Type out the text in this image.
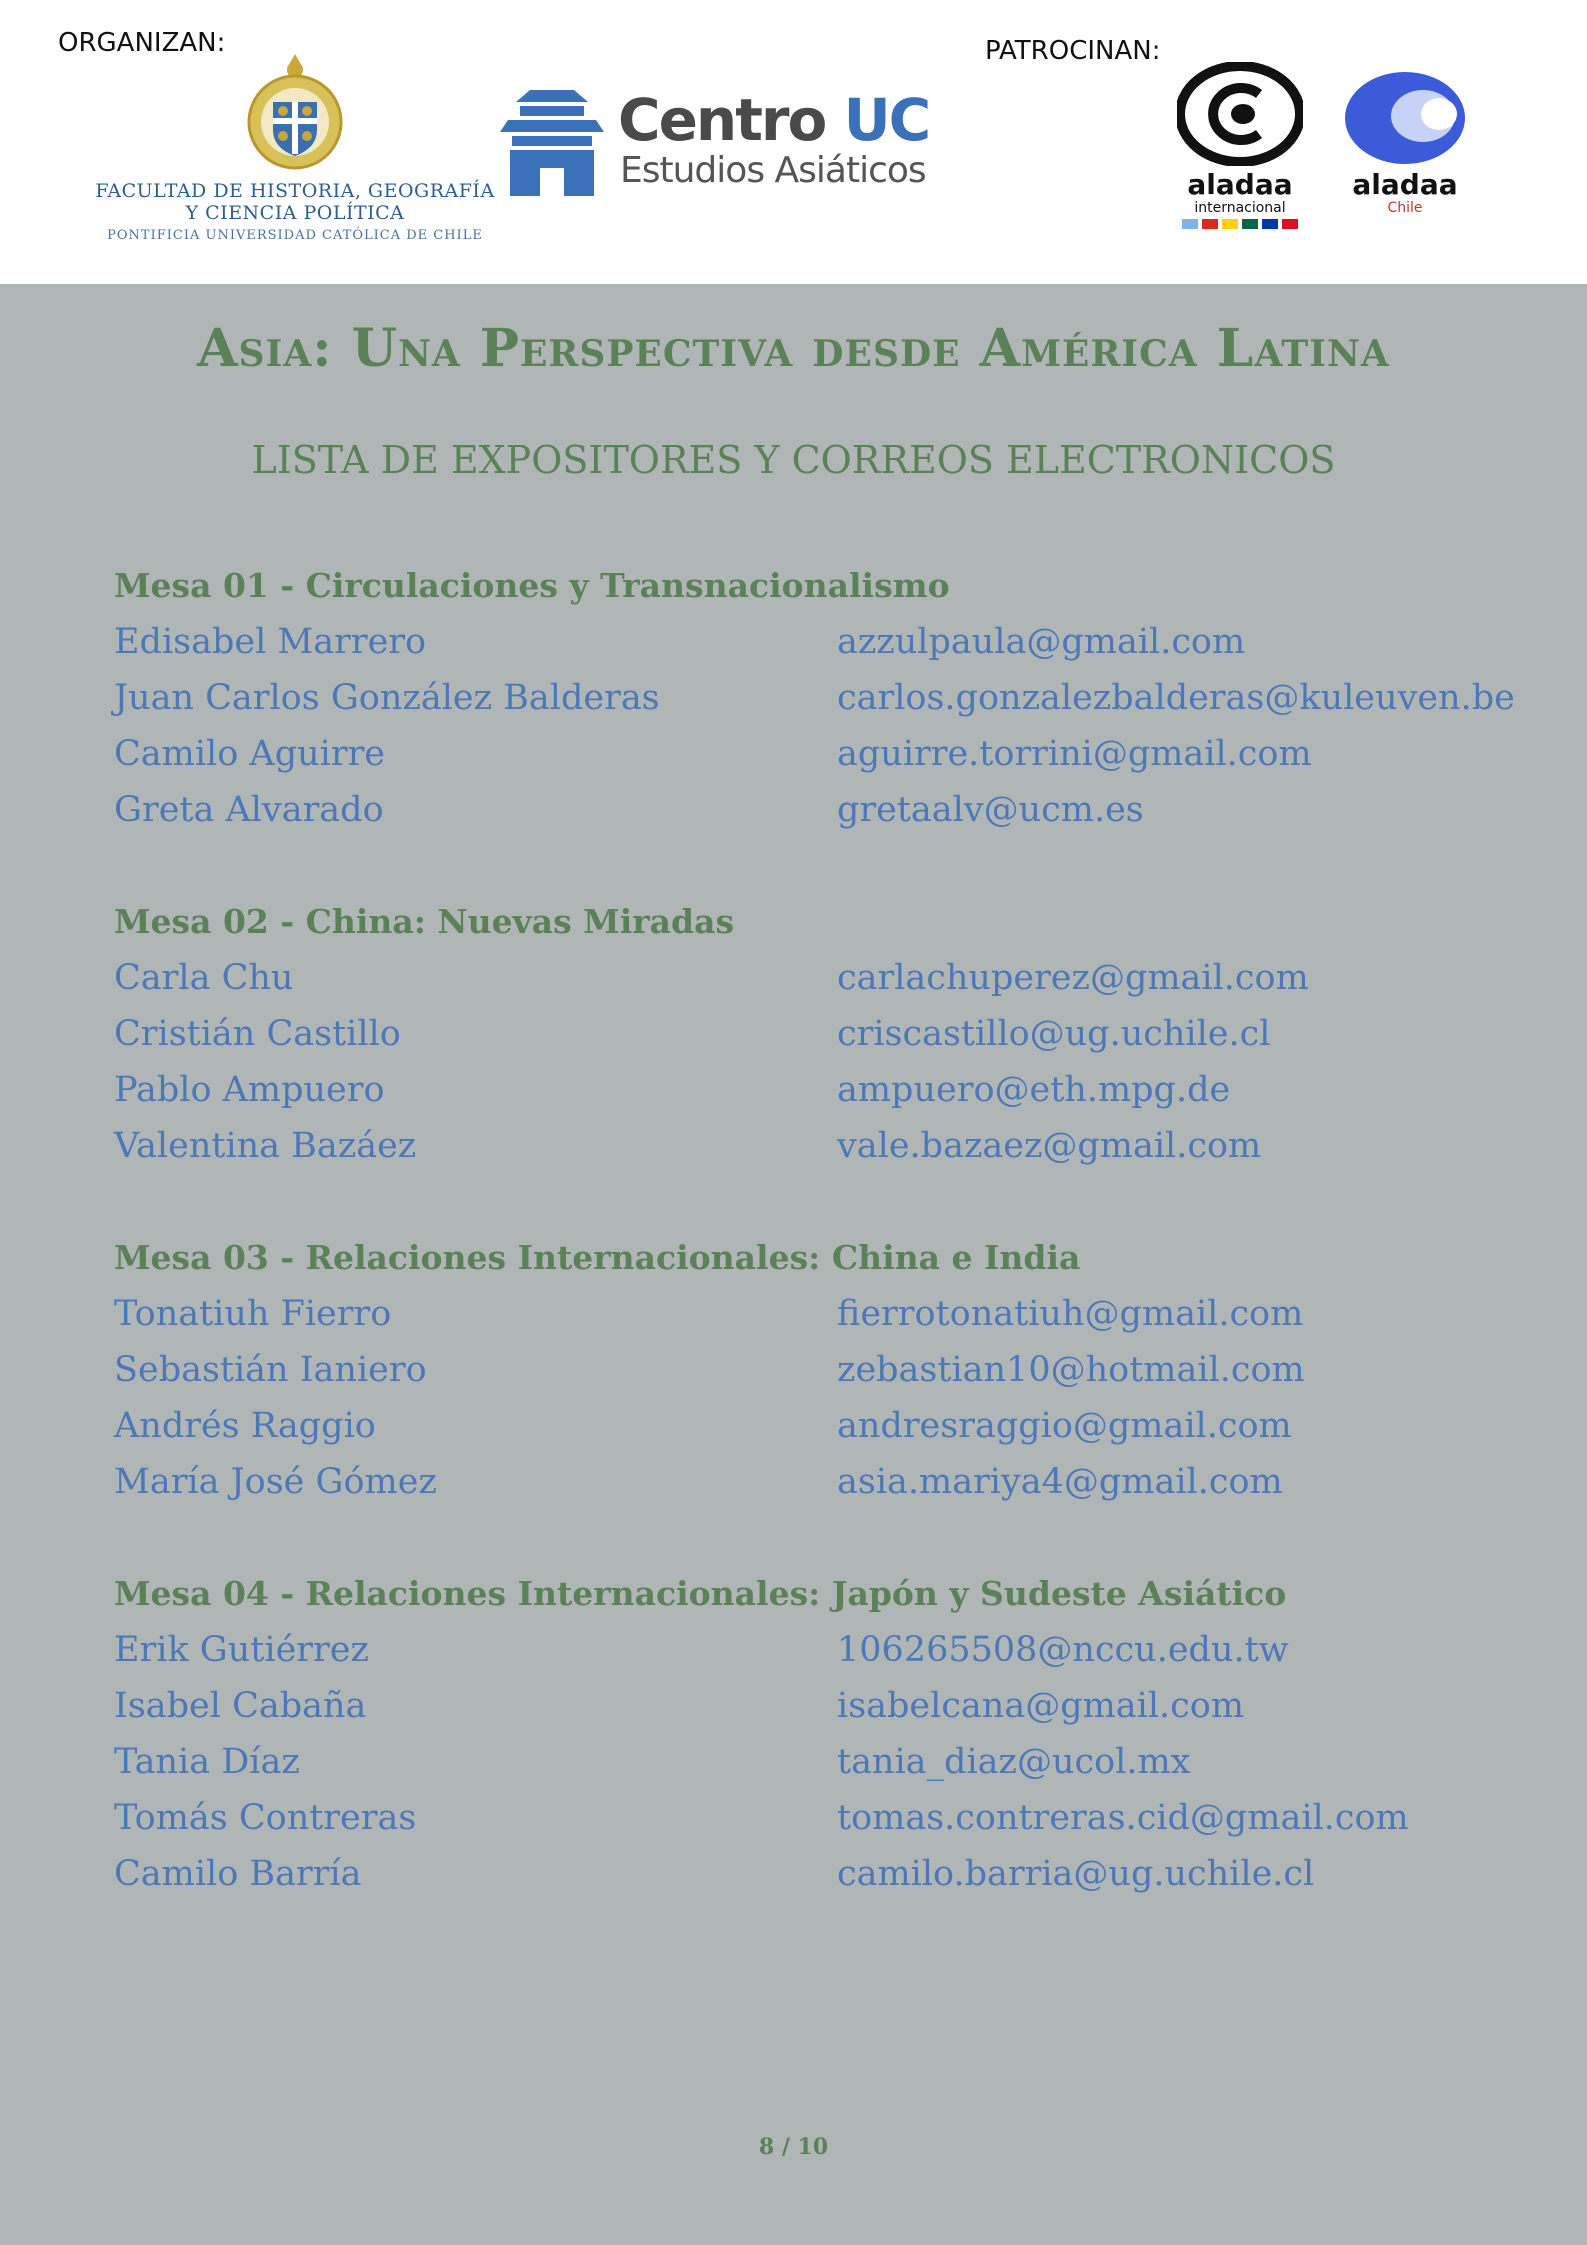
ORGANIZAN:	PATROCINAN:
FACULTAD DE HISTORIA, GEOGRAFÍA
Y CIENCIA POLÍTICA
PONTIFICIA UNIVERSIDAD CATÓLICA DE CHILE
Centro UC
Estudios Asiáticos	aladaa
internacional
aladaa
Chile
Asia: Una Perspectiva desde América Latina
LISTA DE EXPOSITORES Y CORREOS ELECTRONICOS
Mesa 01 - Circulaciones y Transnacionalismo
Edisabel Marrero	azzulpaula@gmail.com
Juan Carlos González Balderas	carlos.gonzalezbalderas@kuleuven.be
Camilo Aguirre	aguirre.torrini@gmail.com
Greta Alvarado	gretaalv@ucm.es
Mesa 02 - China: Nuevas Miradas
Carla Chu	carlachuperez@gmail.com
Cristián Castillo	criscastillo@ug.uchile.cl
Pablo Ampuero	ampuero@eth.mpg.de
Valentina Bazáez	vale.bazaez@gmail.com
Mesa 03 - Relaciones Internacionales: China e India
Tonatiuh Fierro	fierrotonatiuh@gmail.com
Sebastián Ianiero	zebastian10@hotmail.com
Andrés Raggio	andresraggio@gmail.com
María José Gómez	asia.mariya4@gmail.com
Mesa 04 - Relaciones Internacionales: Japón y Sudeste Asiático
Erik Gutiérrez	106265508@nccu.edu.tw
Isabel Cabaña	isabelcana@gmail.com
Tania Díaz	tania_diaz@ucol.mx
Tomás Contreras	tomas.contreras.cid@gmail.com
Camilo Barría	camilo.barria@ug.uchile.cl
8 / 10
